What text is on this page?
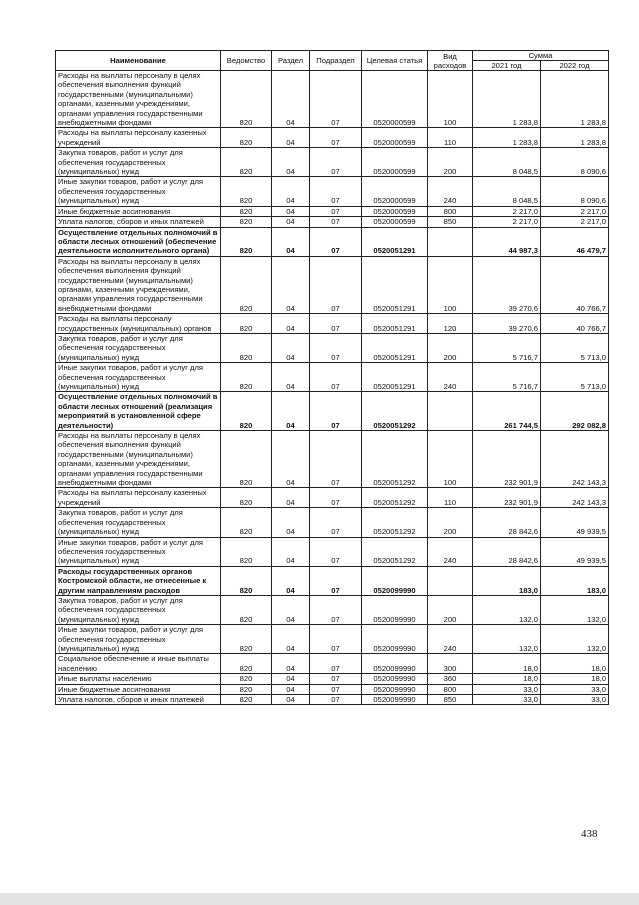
Наименование	Ведомство	Раздел	Подраздел	Целевая статья	Вид расходов	Сумма	
						2021 год	2022 год
Расходы на выплаты персоналу в целях обеспечения выполнения функций государственными (муниципальными) органами, казенными учреждениями, органами управления государственными внебюджетными фондами	820	04	07	0520000599	100	1 283,8	1 283,8
Расходы на выплаты персоналу казенных учреждений	820	04	07	0520000599	110	1 283,8	1 283,8
Закупка товаров, работ и услуг для обеспечения государственных (муниципальных) нужд	820	04	07	0520000599	200	8 048,5	8 090,6
Иные закупки товаров, работ и услуг для обеспечения государственных (муниципальных) нужд	820	04	07	0520000599	240	8 048,5	8 090,6
Иные бюджетные ассигнования	820	04	07	0520000599	800	2 217,0	2 217,0
Уплата налогов, сборов и иных платежей	820	04	07	0520000599	850	2 217,0	2 217,0
Осуществление отдельных полномочий в области лесных отношений (обеспечение деятельности исполнительного органа)	820	04	07	0520051291		44 987,3	46 479,7
Расходы на выплаты персоналу в целях обеспечения выполнения функций государственными (муниципальными) органами, казенными учреждениями, органами управления государственными внебюджетными фондами	820	04	07	0520051291	100	39 270,6	40 766,7
Расходы на выплаты персоналу государственных (муниципальных) органов	820	04	07	0520051291	120	39 270,6	40 766,7
Закупка товаров, работ и услуг для обеспечения государственных (муниципальных) нужд	820	04	07	0520051291	200	5 716,7	5 713,0
Иные закупки товаров, работ и услуг для обеспечения государственных (муниципальных) нужд	820	04	07	0520051291	240	5 716,7	5 713,0
Осуществление отдельных полномочий в области лесных отношений (реализация мероприятий в установленной сфере деятельности)	820	04	07	0520051292		261 744,5	292 082,8
Расходы на выплаты персоналу в целях обеспечения выполнения функций государственными (муниципальными) органами, казенными учреждениями, органами управления государственными внебюджетными фондами	820	04	07	0520051292	100	232 901,9	242 143,3
Расходы на выплаты персоналу казенных учреждений	820	04	07	0520051292	110	232 901,9	242 143,3
Закупка товаров, работ и услуг для обеспечения государственных (муниципальных) нужд	820	04	07	0520051292	200	28 842,6	49 939,5
Иные закупки товаров, работ и услуг для обеспечения государственных (муниципальных) нужд	820	04	07	0520051292	240	28 842,6	49 939,5
Расходы государственных органов Костромской области, не отнесенные к другим направлениям расходов	820	04	07	0520099990		183,0	183,0
Закупка товаров, работ и услуг для обеспечения государственных (муниципальных) нужд	820	04	07	0520099990	200	132,0	132,0
Иные закупки товаров, работ и услуг для обеспечения государственных (муниципальных) нужд	820	04	07	0520099990	240	132,0	132,0
Социальное обеспечение и иные выплаты населению	820	04	07	0520099990	300	18,0	18,0
Иные выплаты населению	820	04	07	0520099990	360	18,0	18,0
Иные бюджетные ассигнования	820	04	07	0520099990	800	33,0	33,0
Уплата налогов, сборов и иных платежей	820	04	07	0520099990	850	33,0	33,0
438
